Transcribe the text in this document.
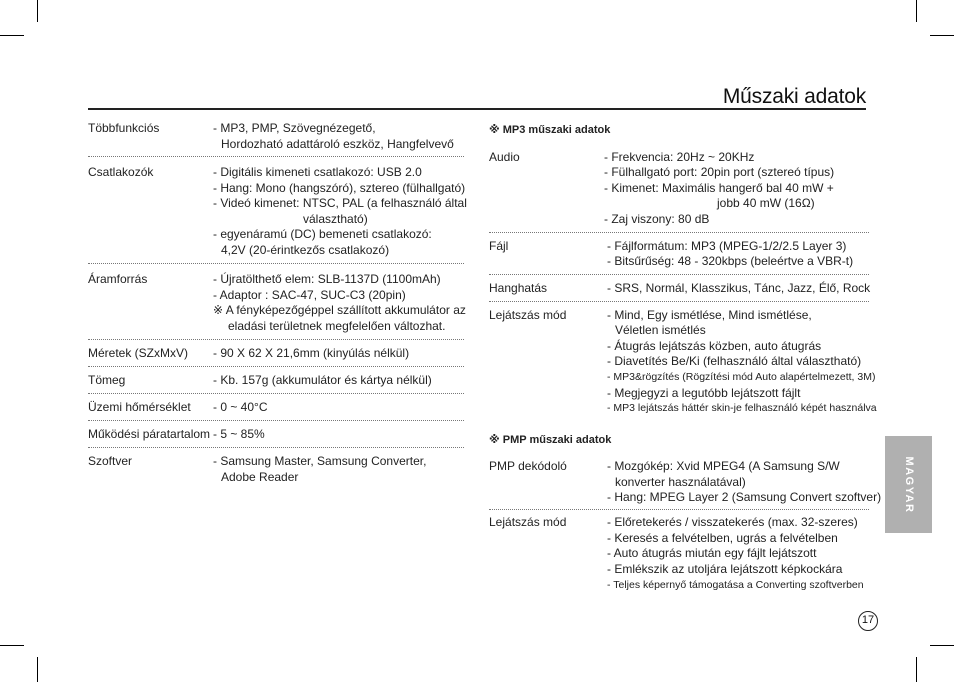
Műszaki adatok
Többfunkciós	- MP3, PMP, Szövegnézegető,
Hordozható adattároló eszköz, Hangfelvevő
Csatlakozók	- Digitális kimeneti csatlakozó: USB 2.0
- Hang: Mono (hangszóró), sztereo (fülhallgató)
- Videó kimenet: NTSC, PAL (a felhasználó által
választható)
- egyenáramú (DC) bemeneti csatlakozó:
4,2V (20-érintkezős csatlakozó)
Áramforrás	- Újratölthető elem: SLB-1137D (1100mAh)
- Adaptor : SAC-47, SUC-C3 (20pin)
※ A fényképezőgéppel szállított akkumulátor az
eladási területnek megfelelően változhat.
Méretek (SZxMxV) - 90 X 62 X 21,6mm (kinyúlás nélkül)
Tömeg	- Kb. 157g (akkumulátor és kártya nélkül)
Üzemi hőmérséklet - 0 ~ 40°C
Működési páratartalom - 5 ~ 85%
Szoftver	- Samsung Master, Samsung Converter,
Adobe Reader
※ MP3 műszaki adatok
Audio	- Frekvencia: 20Hz ~ 20KHz
- Fülhallgató port: 20pin port (sztereó típus)
- Kimenet: Maximális hangerő bal 40 mW +
jobb 40 mW (16Ω)
- Zaj viszony: 80 dB
Fájl	- Fájlformátum: MP3 (MPEG-1/2/2.5 Layer 3)
- Bitsűrűség: 48 - 320kbps (beleértve a VBR-t)
Hanghatás	- SRS, Normál, Klasszikus, Tánc, Jazz, Élő, Rock
Lejátszás mód	- Mind, Egy ismétlése, Mind ismétlése,
Véletlen ismétlés
- Átugrás lejátszás közben, auto átugrás
- Diavetítés Be/Ki (felhasználó által választható)
- MP3&rögzítés (Rögzítési mód Auto alapértelmezett, 3M)
- Megjegyzi a legutóbb lejátszott fájlt
- MP3 lejátszás háttér skin-je felhasználó képét használva
※ PMP műszaki adatok
PMP dekódoló	- Mozgókép: Xvid MPEG4 (A Samsung S/W
konverter használatával)
- Hang: MPEG Layer 2 (Samsung Convert szoftver)
Lejátszás mód	- Előretekerés / visszatekerés (max. 32-szeres)
- Keresés a felvételben, ugrás a felvételben
- Auto átugrás miután egy fájlt lejátszott
- Emlékszik az utoljára lejátszott képkockára
- Teljes képernyő támogatása a Converting szoftverben
MAGYAR
17
